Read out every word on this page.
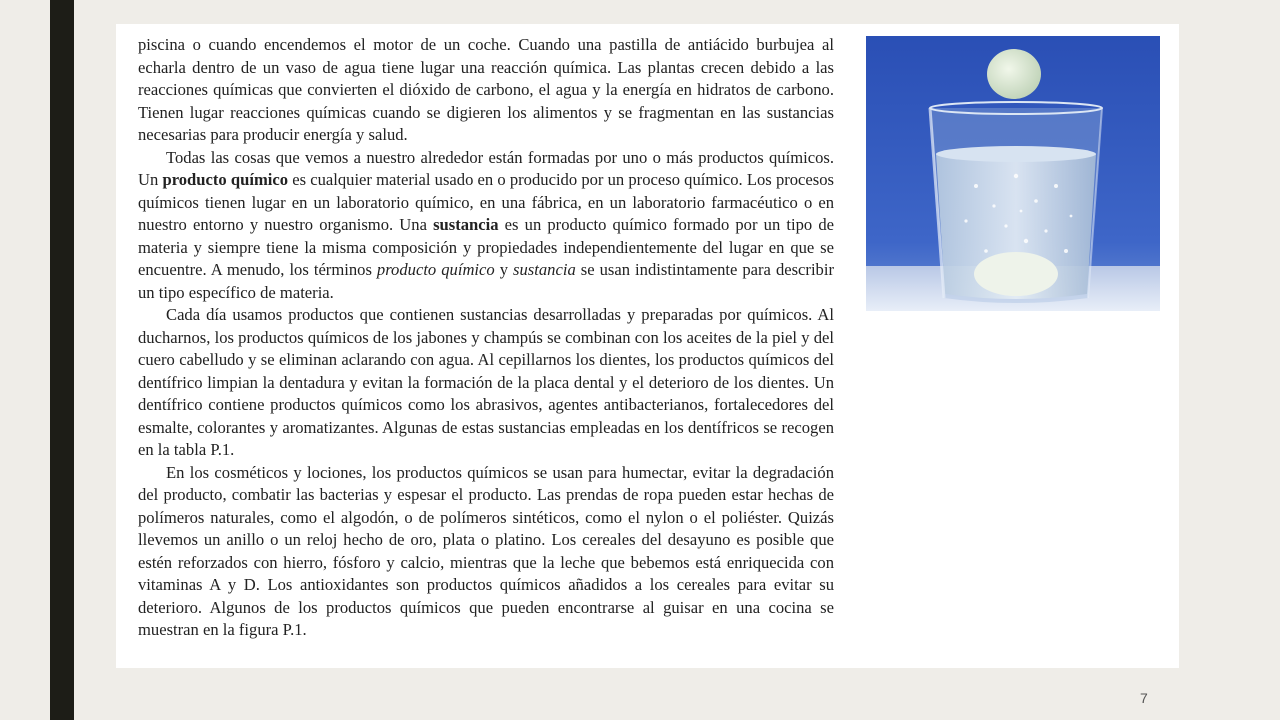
piscina o cuando encendemos el motor de un coche. Cuando una pastilla de antiácido burbujea al echarla dentro de un vaso de agua tiene lugar una reacción química. Las plantas crecen debido a las reacciones químicas que convierten el dióxido de carbono, el agua y la energía en hidratos de carbono. Tienen lugar reacciones químicas cuando se digieren los alimentos y se fragmentan en las sustancias necesarias para producir energía y salud.

Todas las cosas que vemos a nuestro alrededor están formadas por uno o más productos químicos. Un producto químico es cualquier material usado en o producido por un proceso químico. Los procesos químicos tienen lugar en un laboratorio químico, en una fábrica, en un laboratorio farmacéutico o en nuestro entorno y nuestro organismo. Una sustancia es un producto químico formado por un tipo de materia y siempre tiene la misma composición y propiedades independientemente del lugar en que se encuentre. A menudo, los términos producto químico y sustancia se usan indistintamente para describir un tipo específico de materia.

Cada día usamos productos que contienen sustancias desarrolladas y preparadas por químicos. Al ducharnos, los productos químicos de los jabones y champús se combinan con los aceites de la piel y del cuero cabelludo y se eliminan aclarando con agua. Al cepillarnos los dientes, los productos químicos del dentífrico limpian la dentadura y evitan la formación de la placa dental y el deterioro de los dientes. Un dentífrico contiene productos químicos como los abrasivos, agentes antibacterianos, fortalecedores del esmalte, colorantes y aromatizantes. Algunas de estas sustancias empleadas en los dentífricos se recogen en la tabla P.1.

En los cosméticos y lociones, los productos químicos se usan para humectar, evitar la degradación del producto, combatir las bacterias y espesar el producto. Las prendas de ropa pueden estar hechas de polímeros naturales, como el algodón, o de polímeros sintéticos, como el nylon o el poliéster. Quizás llevemos un anillo o un reloj hecho de oro, plata o platino. Los cereales del desayuno es posible que estén reforzados con hierro, fósforo y calcio, mientras que la leche que bebemos está enriquecida con vitaminas A y D. Los antioxidantes son productos químicos añadidos a los cereales para evitar su deterioro. Algunos de los productos químicos que pueden encontrarse al guisar en una cocina se muestran en la figura P.1.

7
